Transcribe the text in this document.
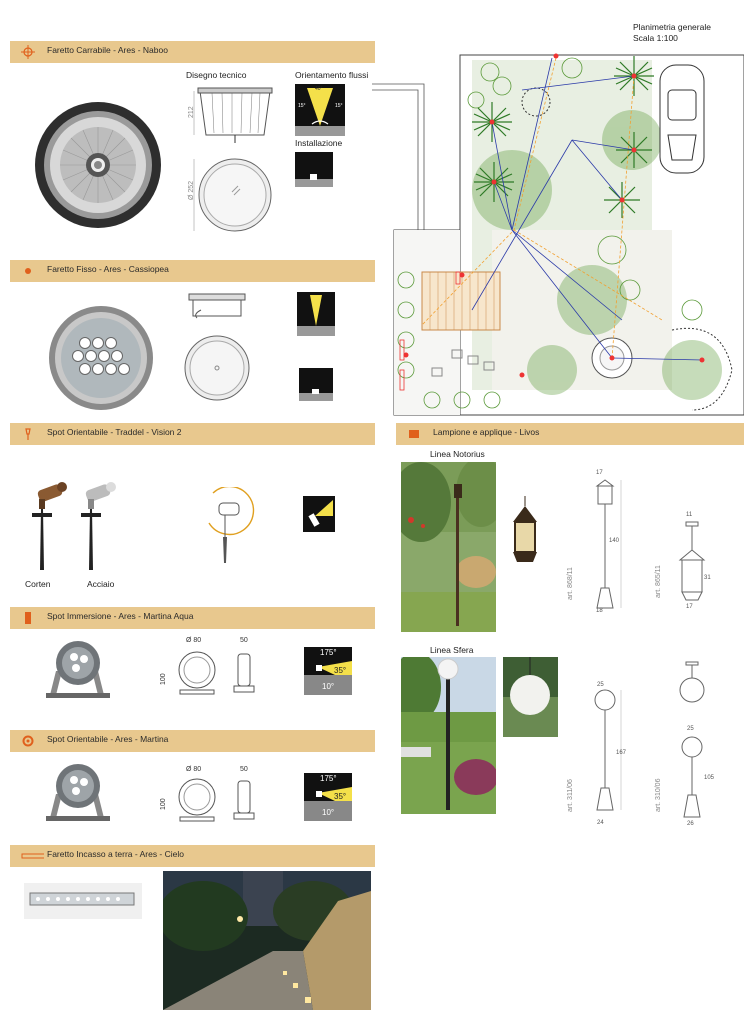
Faretto Carrabile - Ares - Naboo
Faretto Fisso - Ares - Cassiopea
Spot Orientabile - Traddel - Vision 2
Spot Immersione - Ares - Martina Aqua
Spot Orientabile - Ares - Martina
Faretto Incasso a terra - Ares - Cielo
Lampione e applique - Livos
Disegno tecnico
212
Ø 252
Orientamento flussi
40°
15°	15°
Installazione
Corten	Acciaio
Ø 80	50
100
175°
35°
10°
Ø 80	50
100
175°
35°
10°
Planimetria generale
Scala 1:100
Linea Notorius
17
140
18
art. 868/11
11
31
17
art. 865/11
Linea Sfera
25
167
24
art. 311/06
25
105
26
art. 310/06
